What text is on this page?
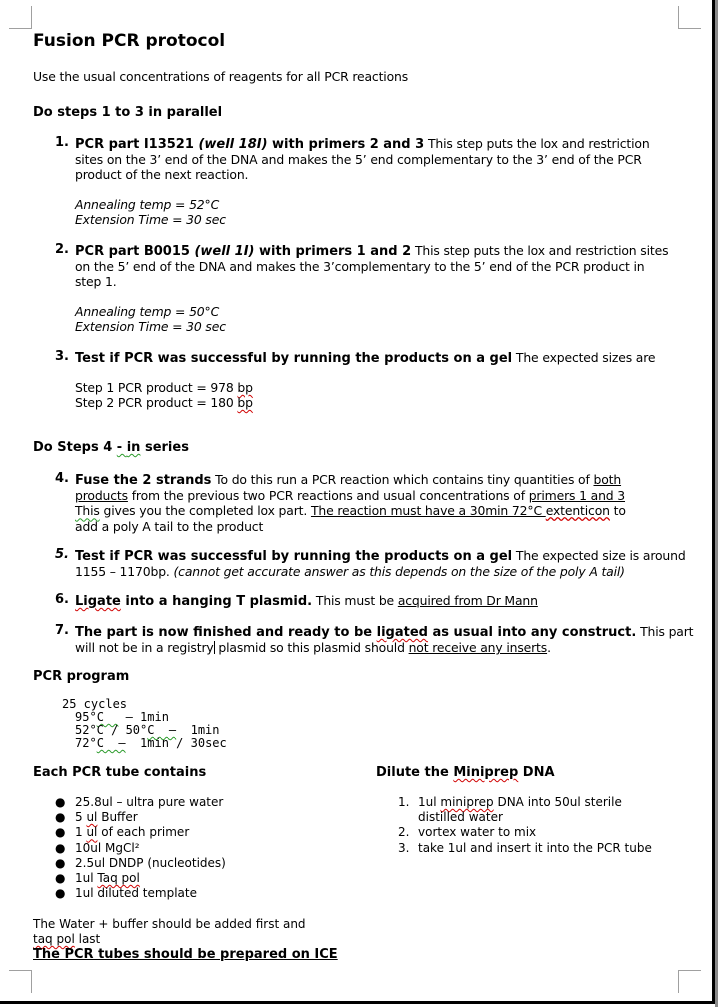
Fusion PCR protocol
Use the usual concentrations of reagents for all PCR reactions
Do steps 1 to 3 in parallel
1. PCR part I13521 (well 18I) with primers 2 and 3 This step puts the lox and restriction
sites on the 3’ end of the DNA and makes the 5’ end complementary to the 3’ end of the PCR
product of the next reaction.
Annealing temp = 52°C
Extension Time = 30 sec
2. PCR part B0015 (well 1I) with primers 1 and 2 This step puts the lox and restriction sites
on the 5’ end of the DNA and makes the 3’complementary to the 5’ end of the PCR product in
step 1.
Annealing temp = 50°C
Extension Time = 30 sec
3. Test if PCR was successful by running the products on a gel The expected sizes are
Step 1 PCR product = 978 bp
Step 2 PCR product = 180 bp
Do Steps 4 - in series
4. Fuse the 2 strands To do this run a PCR reaction which contains tiny quantities of both
products from the previous two PCR reactions and usual concentrations of primers 1 and 3
This gives you the completed lox part. The reaction must have a 30min 72°C extenticon to
add a poly A tail to the product
5. Test if PCR was successful by running the products on a gel The expected size is around
1155 – 1170bp. (cannot get accurate answer as this depends on the size of the poly A tail)
6. Ligate into a hanging T plasmid. This must be acquired from Dr Mann
7. The part is now finished and ready to be ligated as usual into any construct. This part
will not be in a registry plasmid so this plasmid should not receive any inserts.
PCR program
25 cycles
95°C   – 1min
52°C / 50°C  –  1min
72°C  –  1min / 30sec
Each PCR tube contains
● 25.8ul – ultra pure water
● 5 ul Buffer
● 1 ul of each primer
● 10ul MgCl²
● 2.5ul DNDP (nucleotides)
● 1ul Taq pol
● 1ul diluted template
The Water + buffer should be added first and
taq pol last
The PCR tubes should be prepared on ICE
Dilute the Miniprep DNA
1. 1ul miniprep DNA into 50ul sterile
distilled water
2. vortex water to mix
3. take 1ul and insert it into the PCR tube
